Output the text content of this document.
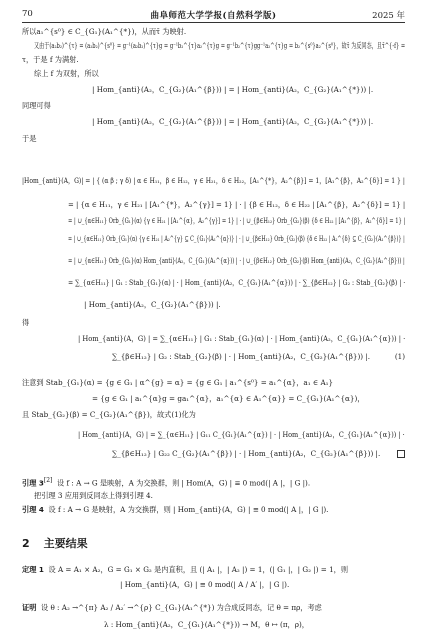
70	曲阜师范大学学报(自然科学版)	2025 年
所以a₁^{s⁰} ∈ C_{G₁}(A₁^{*})，从而τ̄ 为映射.
又由于(a₂b₂)^{τ} = (a₂b₂)^{s⁰} = g⁻¹(a₂b₂)^{τ}g = g⁻¹b₂^{τ}a₂^{τ}g = g⁻¹b₂^{τ}gg⁻¹a₂^{τ}g = b₂^{s⁰}a₂^{s⁰}，故τ̄ 为反同态，且τ̄^{-f} =
τ，于是 f 为满射.
综上 f 为双射，所以
| Hom_{anti}(A₂，C_{G₂}(A₁^{β})) | = | Hom_{anti}(A₂，C_{G₂}(A₁^{*})) |.
同理可得
| Hom_{anti}(A₂，C_{G₂}(A₁^{β})) | = | Hom_{anti}(A₂，C_{G₂}(A₁^{*})) |.
于是
|Hom_{anti}(A，G)| = | { (α β ; γ δ) | α ∈ H₁₁，β ∈ H₁₂，γ ∈ H₂₁，δ ∈ H₂₂，[A₁^{*}，A₂^{β}] = 1，[A₁^{β}，A₂^{δ}] = 1 } |
= | {α ∈ H₁₁，γ ∈ H₂₁ | [A₁^{*}，A₂^{γ}] = 1} | · | {β ∈ H₁₂，δ ∈ H₂₂ | [A₁^{β}，A₂^{δ}] = 1} |
= | ∪_{α∈H₁₁} Orb_{G₁}(α) {γ ∈ H₂₁ | [A₁^{α}，A₂^{γ}] = 1} | · | ∪_{β∈H₁₂} Orb_{G₂}(β) {δ ∈ H₂₂ | [A₁^{β}，A₂^{δ}] = 1} |
= | ∪_{α∈H₁₁} Orb_{G₁}(α) {γ ∈ H₂₁ | A₂^{γ} ⊆ C_{G₁}(A₁^{α})} | · | ∪_{β∈H₁₂} Orb_{G₂}(β) {δ ∈ H₂₂ | A₂^{δ} ⊆ C_{G₂}(A₁^{β})} |
= | ∪_{α∈H₁₁} Orb_{G₁}(α) Hom_{anti}(A₂，C_{G₁}(A₁^{α})) | · | ∪_{β∈H₁₂} Orb_{G₂}(β) Hom_{anti}(A₂，C_{G₂}(A₁^{β})) |
= ∑_{α∈H₁₁} | G₁ : Stab_{G₁}(α) | · | Hom_{anti}(A₂，C_{G₁}(A₁^{α})) | · ∑_{β∈H₁₂} | G₂ : Stab_{G₂}(β) | ·
| Hom_{anti}(A₂，C_{G₂}(A₁^{β})) |.
得
| Hom_{anti}(A，G) | = ∑_{α∈H₁₁} | G₁ : Stab_{G₁}(α) | · | Hom_{anti}(A₂，C_{G₁}(A₁^{α})) | ·
∑_{β∈H₁₂} | G₂ : Stab_{G₂}(β) | · | Hom_{anti}(A₂，C_{G₂}(A₁^{β})) |.	(1)
注意到 Stab_{G₁}(α) = {g ∈ G₁ | α^{g} = α} = {g ∈ G₁ | a₁^{s⁰} = a₁^{α}，a₁ ∈ A₁}
= {g ∈ G₁ | a₁^{α}g = ga₁^{α}，a₁^{α} ∈ A₁^{α}} = C_{G₁}(A₁^{α})，
且 Stab_{G₂}(β) = C_{G₂}(A₁^{β})，故式(1)化为
| Hom_{anti}(A，G) | = ∑_{α∈H₁₁} | G₁₁ C_{G₁}(A₁^{α}) | · | Hom_{anti}(A₂，C_{G₁}(A₁^{α})) | ·
∑_{β∈H₁₂} | G₂₂ C_{G₂}(A₁^{β}) | · | Hom_{anti}(A₂，C_{G₂}(A₁^{β})) |.
引理 3[2] 设 f : A → G 是映射，A 为交换群，则 | Hom(A，G) | ≡ 0 mod(| A |，| G |).
把引理 3 应用到反同态上得到引理 4.
引理 4 设 f : A → G 是映射，A 为交换群，则 | Hom_{anti}(A，G) | ≡ 0 mod(| A |，| G |).
2 主要结果
定理 1 设 A = A₁ × A₂，G = G₁ × G₂ 是内直积，且 (| A₁ |，| A₂ |) = 1，(| G₁ |，| G₂ |) = 1，则
| Hom_{anti}(A，G) | ≡ 0 mod(| A / A′ |，| G |).
证明 设 θ : A₂ →^{π} A₂ / A₂′ →^{ρ} C_{G₁}(A₁^{*}) 为合成反同态，记 θ = πρ，考虑
λ : Hom_{anti}(A₂，C_{G₁}(A₁^{*})) → M，θ ↦ (π，ρ)，
